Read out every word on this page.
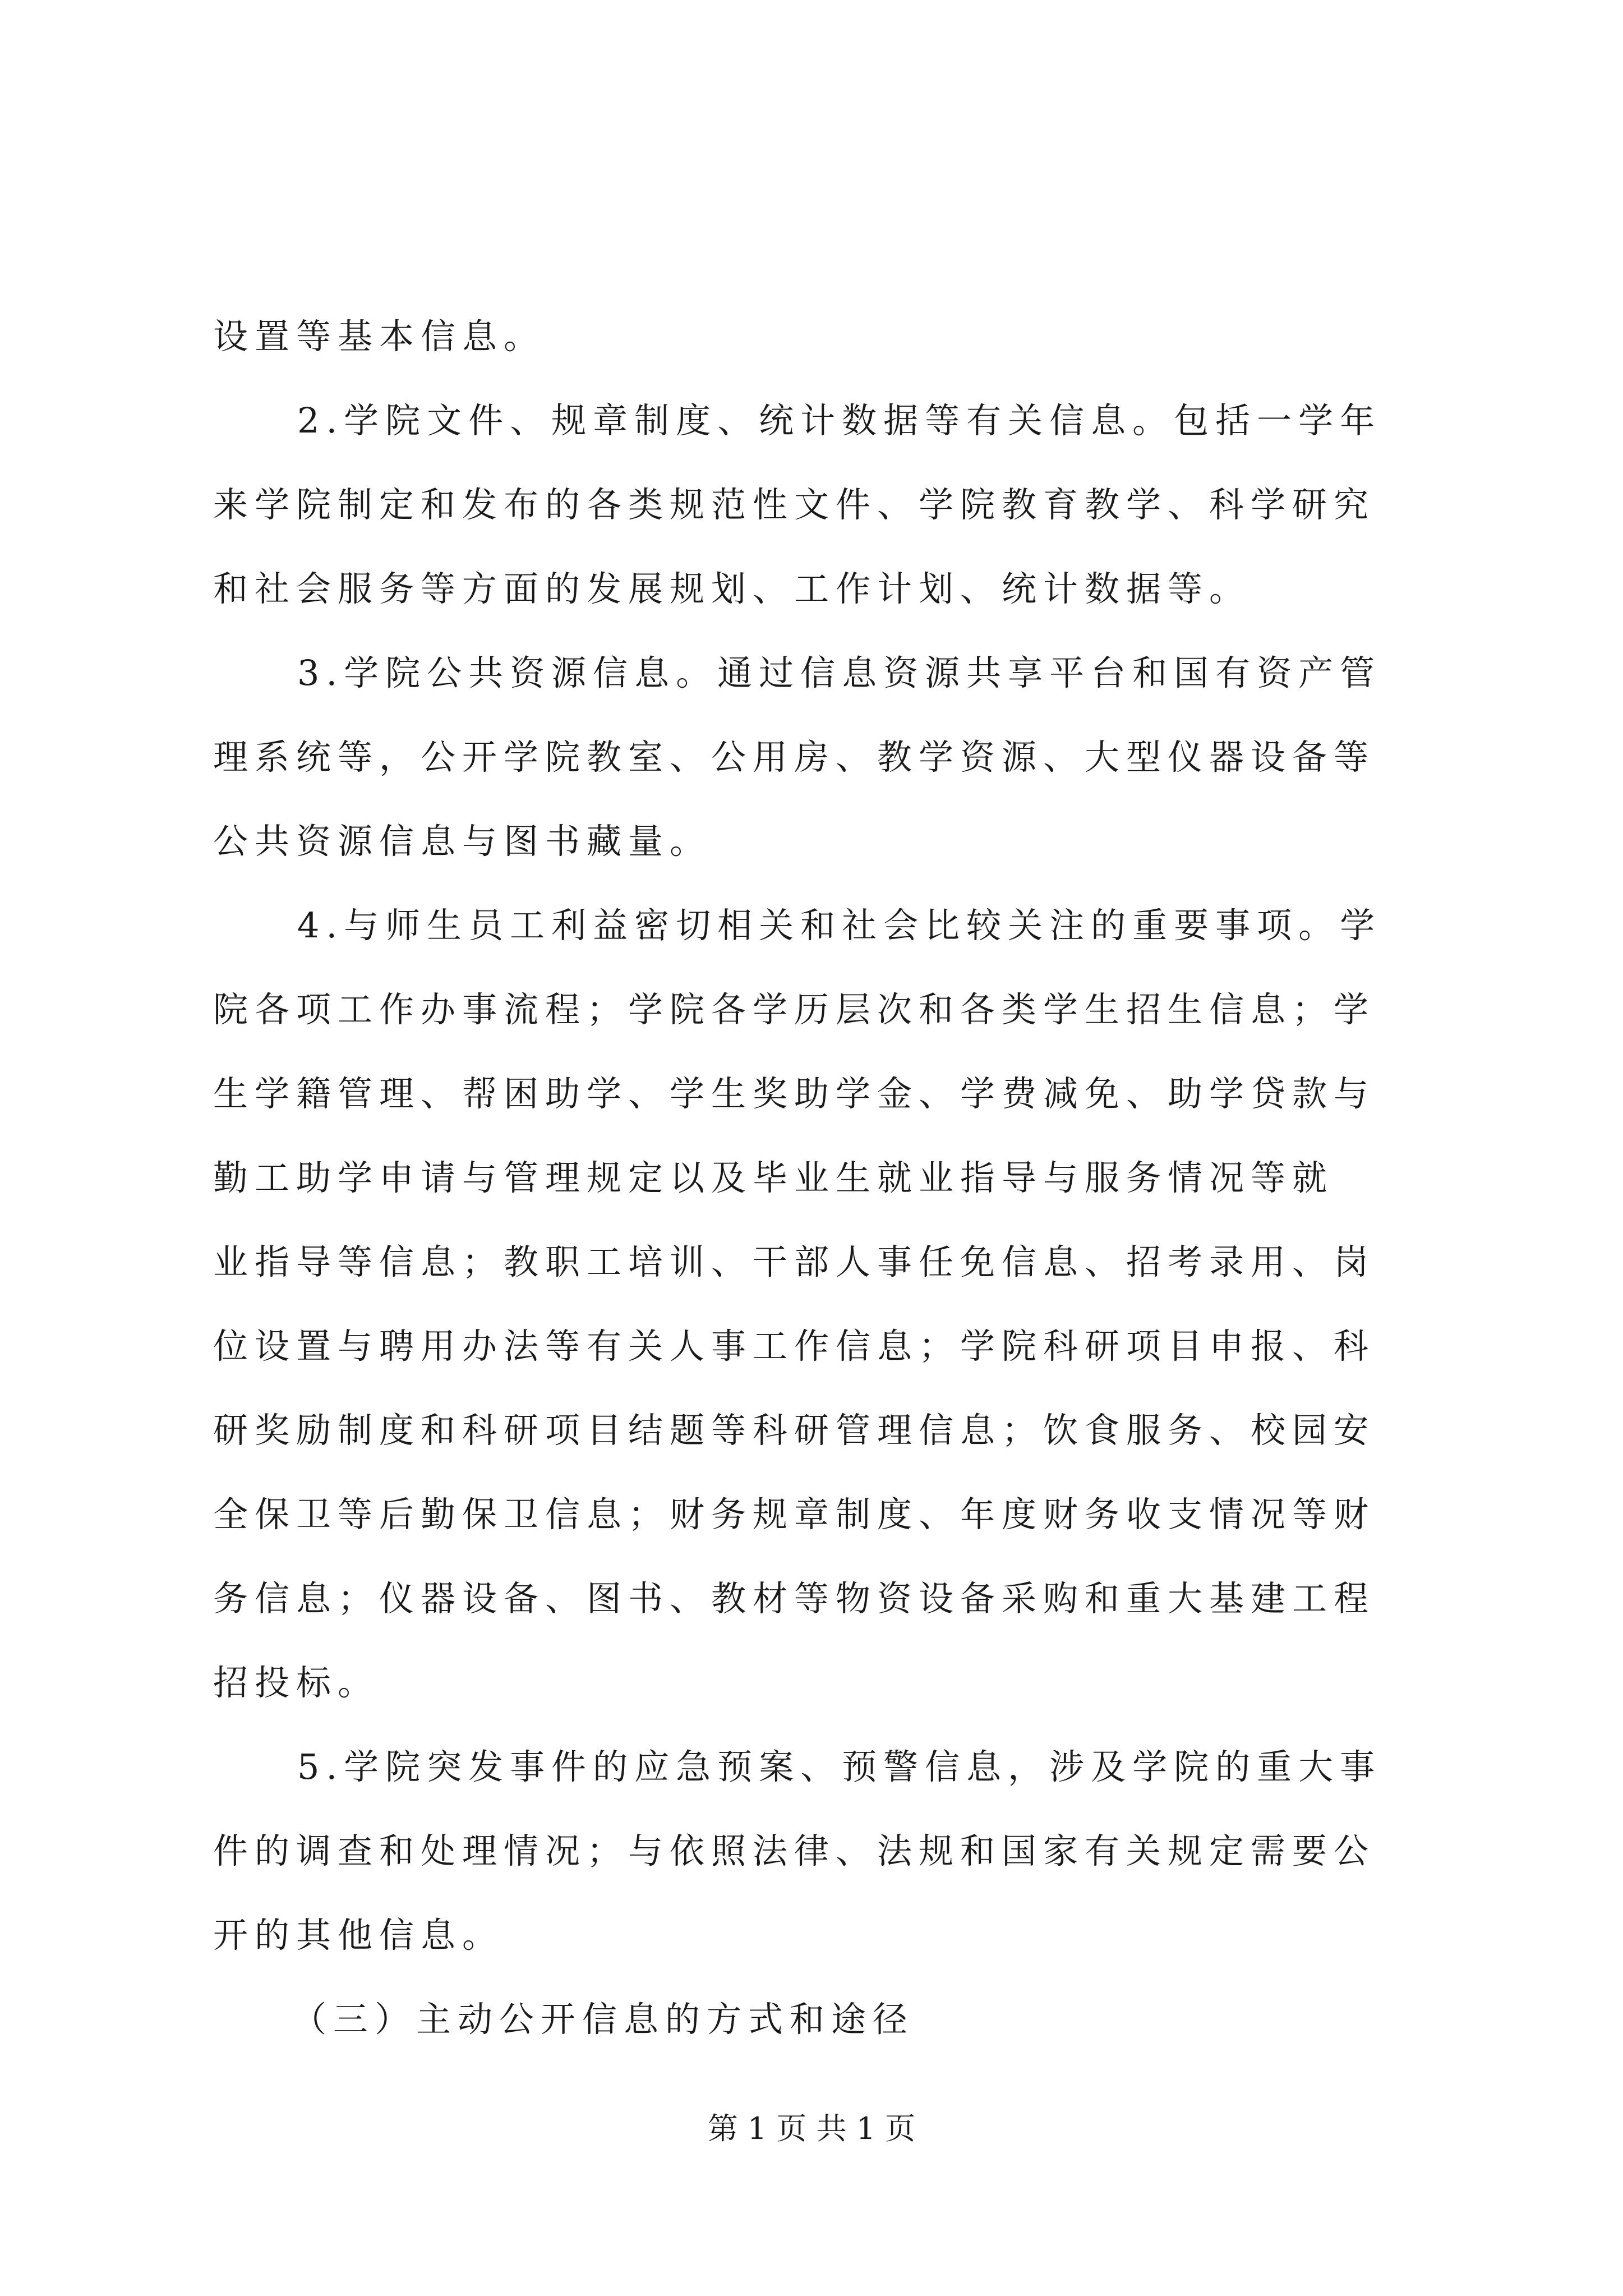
设置等基本信息。
2.学院文件、规章制度、统计数据等有关信息。包括一学年
来学院制定和发布的各类规范性文件、学院教育教学、科学研究
和社会服务等方面的发展规划、工作计划、统计数据等。
3.学院公共资源信息。通过信息资源共享平台和国有资产管
理系统等，公开学院教室、公用房、教学资源、大型仪器设备等
公共资源信息与图书藏量。
4.与师生员工利益密切相关和社会比较关注的重要事项。学
院各项工作办事流程；学院各学历层次和各类学生招生信息；学
生学籍管理、帮困助学、学生奖助学金、学费减免、助学贷款与
勤工助学申请与管理规定以及毕业生就业指导与服务情况等就
业指导等信息；教职工培训、干部人事任免信息、招考录用、岗
位设置与聘用办法等有关人事工作信息；学院科研项目申报、科
研奖励制度和科研项目结题等科研管理信息；饮食服务、校园安
全保卫等后勤保卫信息；财务规章制度、年度财务收支情况等财
务信息；仪器设备、图书、教材等物资设备采购和重大基建工程
招投标。
5.学院突发事件的应急预案、预警信息，涉及学院的重大事
件的调查和处理情况；与依照法律、法规和国家有关规定需要公
开的其他信息。
（三）主动公开信息的方式和途径
第 1 页 共 1 页
